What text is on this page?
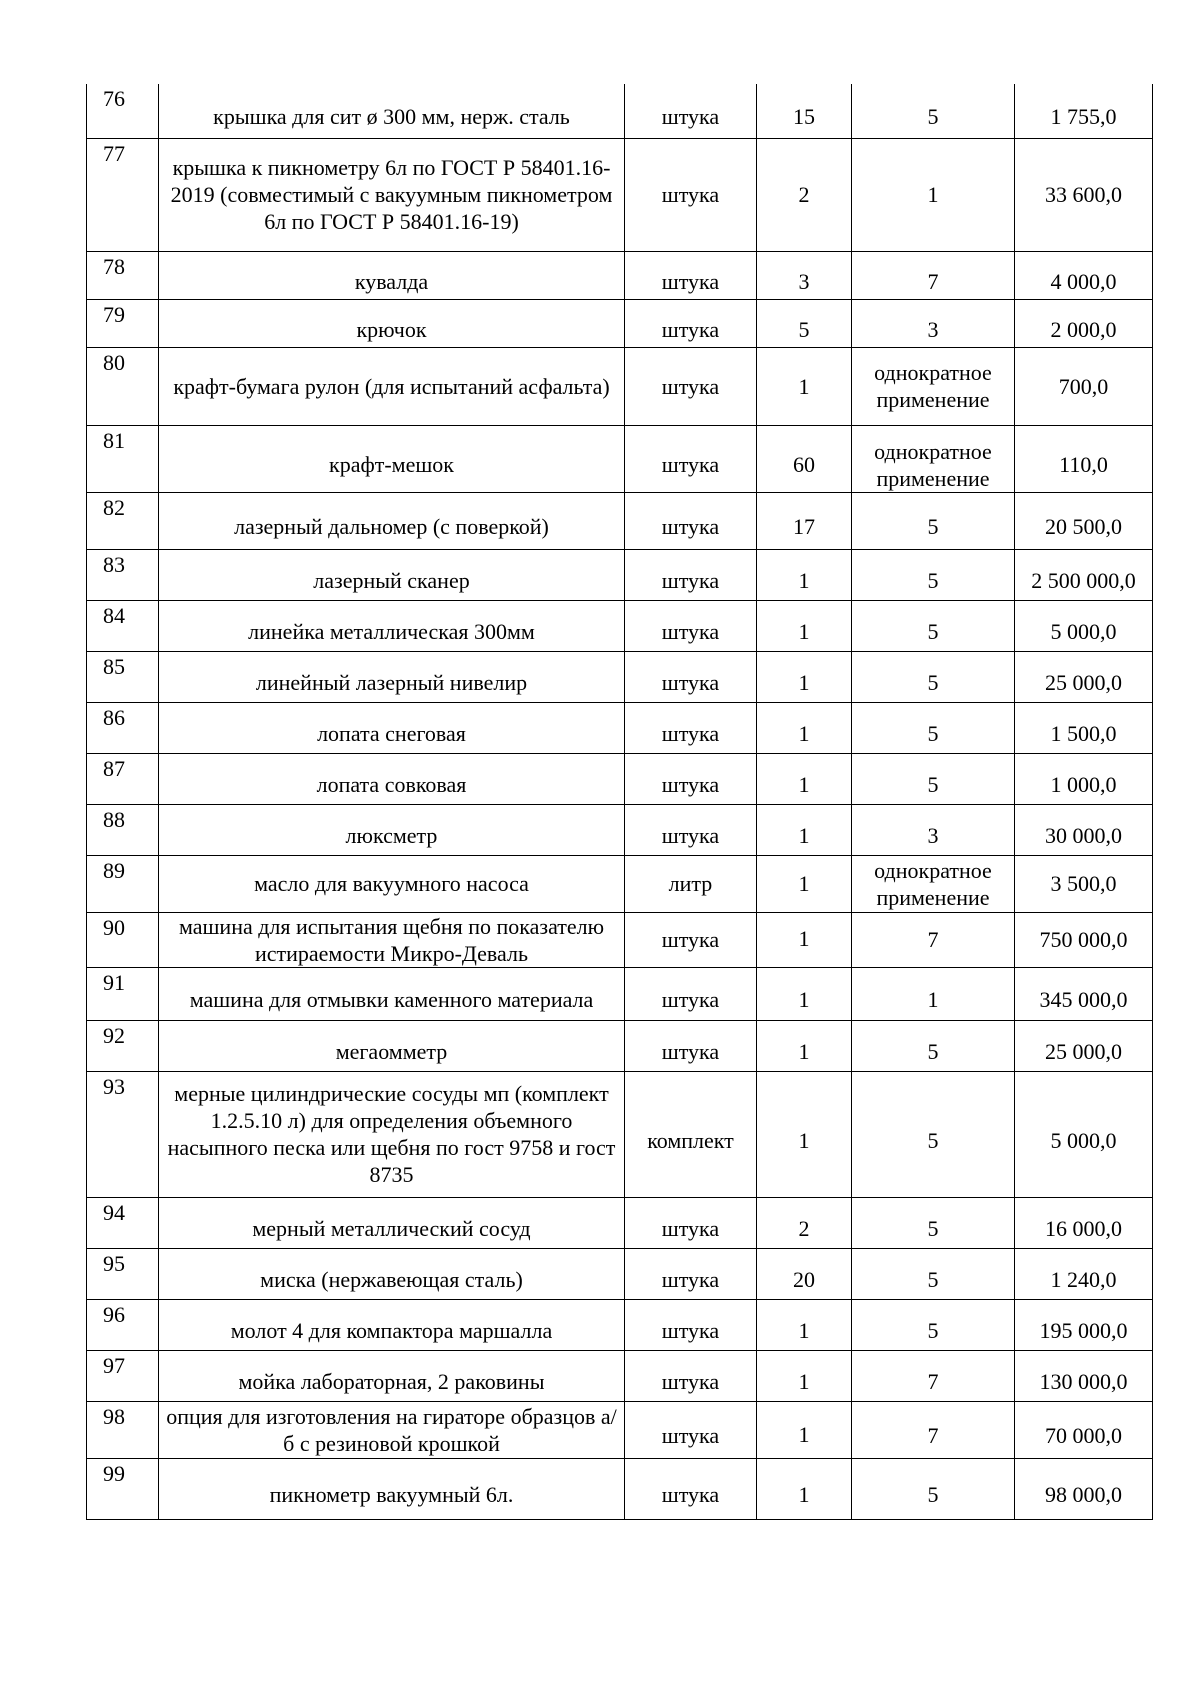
76	крышка для сит ø 300 мм, нерж. сталь	штука	15	5	1 755,0
77	крышка к пикнометру 6л по ГОСТ Р 58401.16-2019 (совместимый с вакуумным пикнометром 6л по ГОСТ Р 58401.16-19)	штука	2	1	33 600,0
78	кувалда	штука	3	7	4 000,0
79	крючок	штука	5	3	2 000,0
80	крафт-бумага рулон (для испытаний асфальта)	штука	1	однократное применение	700,0
81	крафт-мешок	штука	60	однократное применение	110,0
82	лазерный дальномер (с поверкой)	штука	17	5	20 500,0
83	лазерный сканер	штука	1	5	2 500 000,0
84	линейка металлическая 300мм	штука	1	5	5 000,0
85	линейный лазерный нивелир	штука	1	5	25 000,0
86	лопата снеговая	штука	1	5	1 500,0
87	лопата совковая	штука	1	5	1 000,0
88	люксметр	штука	1	3	30 000,0
89	масло для вакуумного насоса	литр	1	однократное применение	3 500,0
90	машина для испытания щебня по показателю истираемости Микро-Деваль	штука	1	7	750 000,0
91	машина для отмывки каменного материала	штука	1	1	345 000,0
92	мегаомметр	штука	1	5	25 000,0
93	мерные цилиндрические сосуды мп (комплект 1.2.5.10 л) для определения объемного насыпного песка или щебня по гост 9758 и гост 8735	комплект	1	5	5 000,0
94	мерный металлический сосуд	штука	2	5	16 000,0
95	миска (нержавеющая сталь)	штука	20	5	1 240,0
96	молот 4 для компактора маршалла	штука	1	5	195 000,0
97	мойка лабораторная, 2 раковины	штука	1	7	130 000,0
98	опция для изготовления на гираторе образцов а/б с резиновой крошкой	штука	1	7	70 000,0
99	пикнометр вакуумный 6л.	штука	1	5	98 000,0
